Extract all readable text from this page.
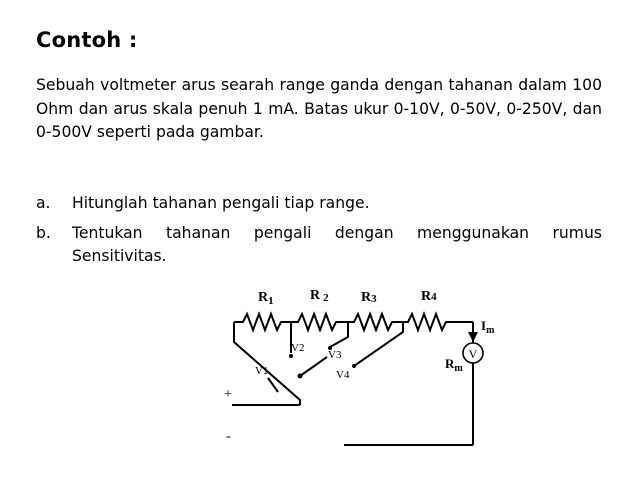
Contoh :
Sebuah voltmeter arus searah range ganda dengan tahanan dalam 100 Ohm dan arus skala penuh 1 mA. Batas ukur 0-10V, 0-50V, 0-250V, dan 0-500V seperti pada gambar.
a.	Hitunglah tahanan pengali tiap range.
b.	Tentukan tahanan pengali dengan menggunakan rumus Sensitivitas.
V
$R_1$	R 2 R3	R4
V1
V2
V3
V4
$I_m$
$R_m$
+
-
